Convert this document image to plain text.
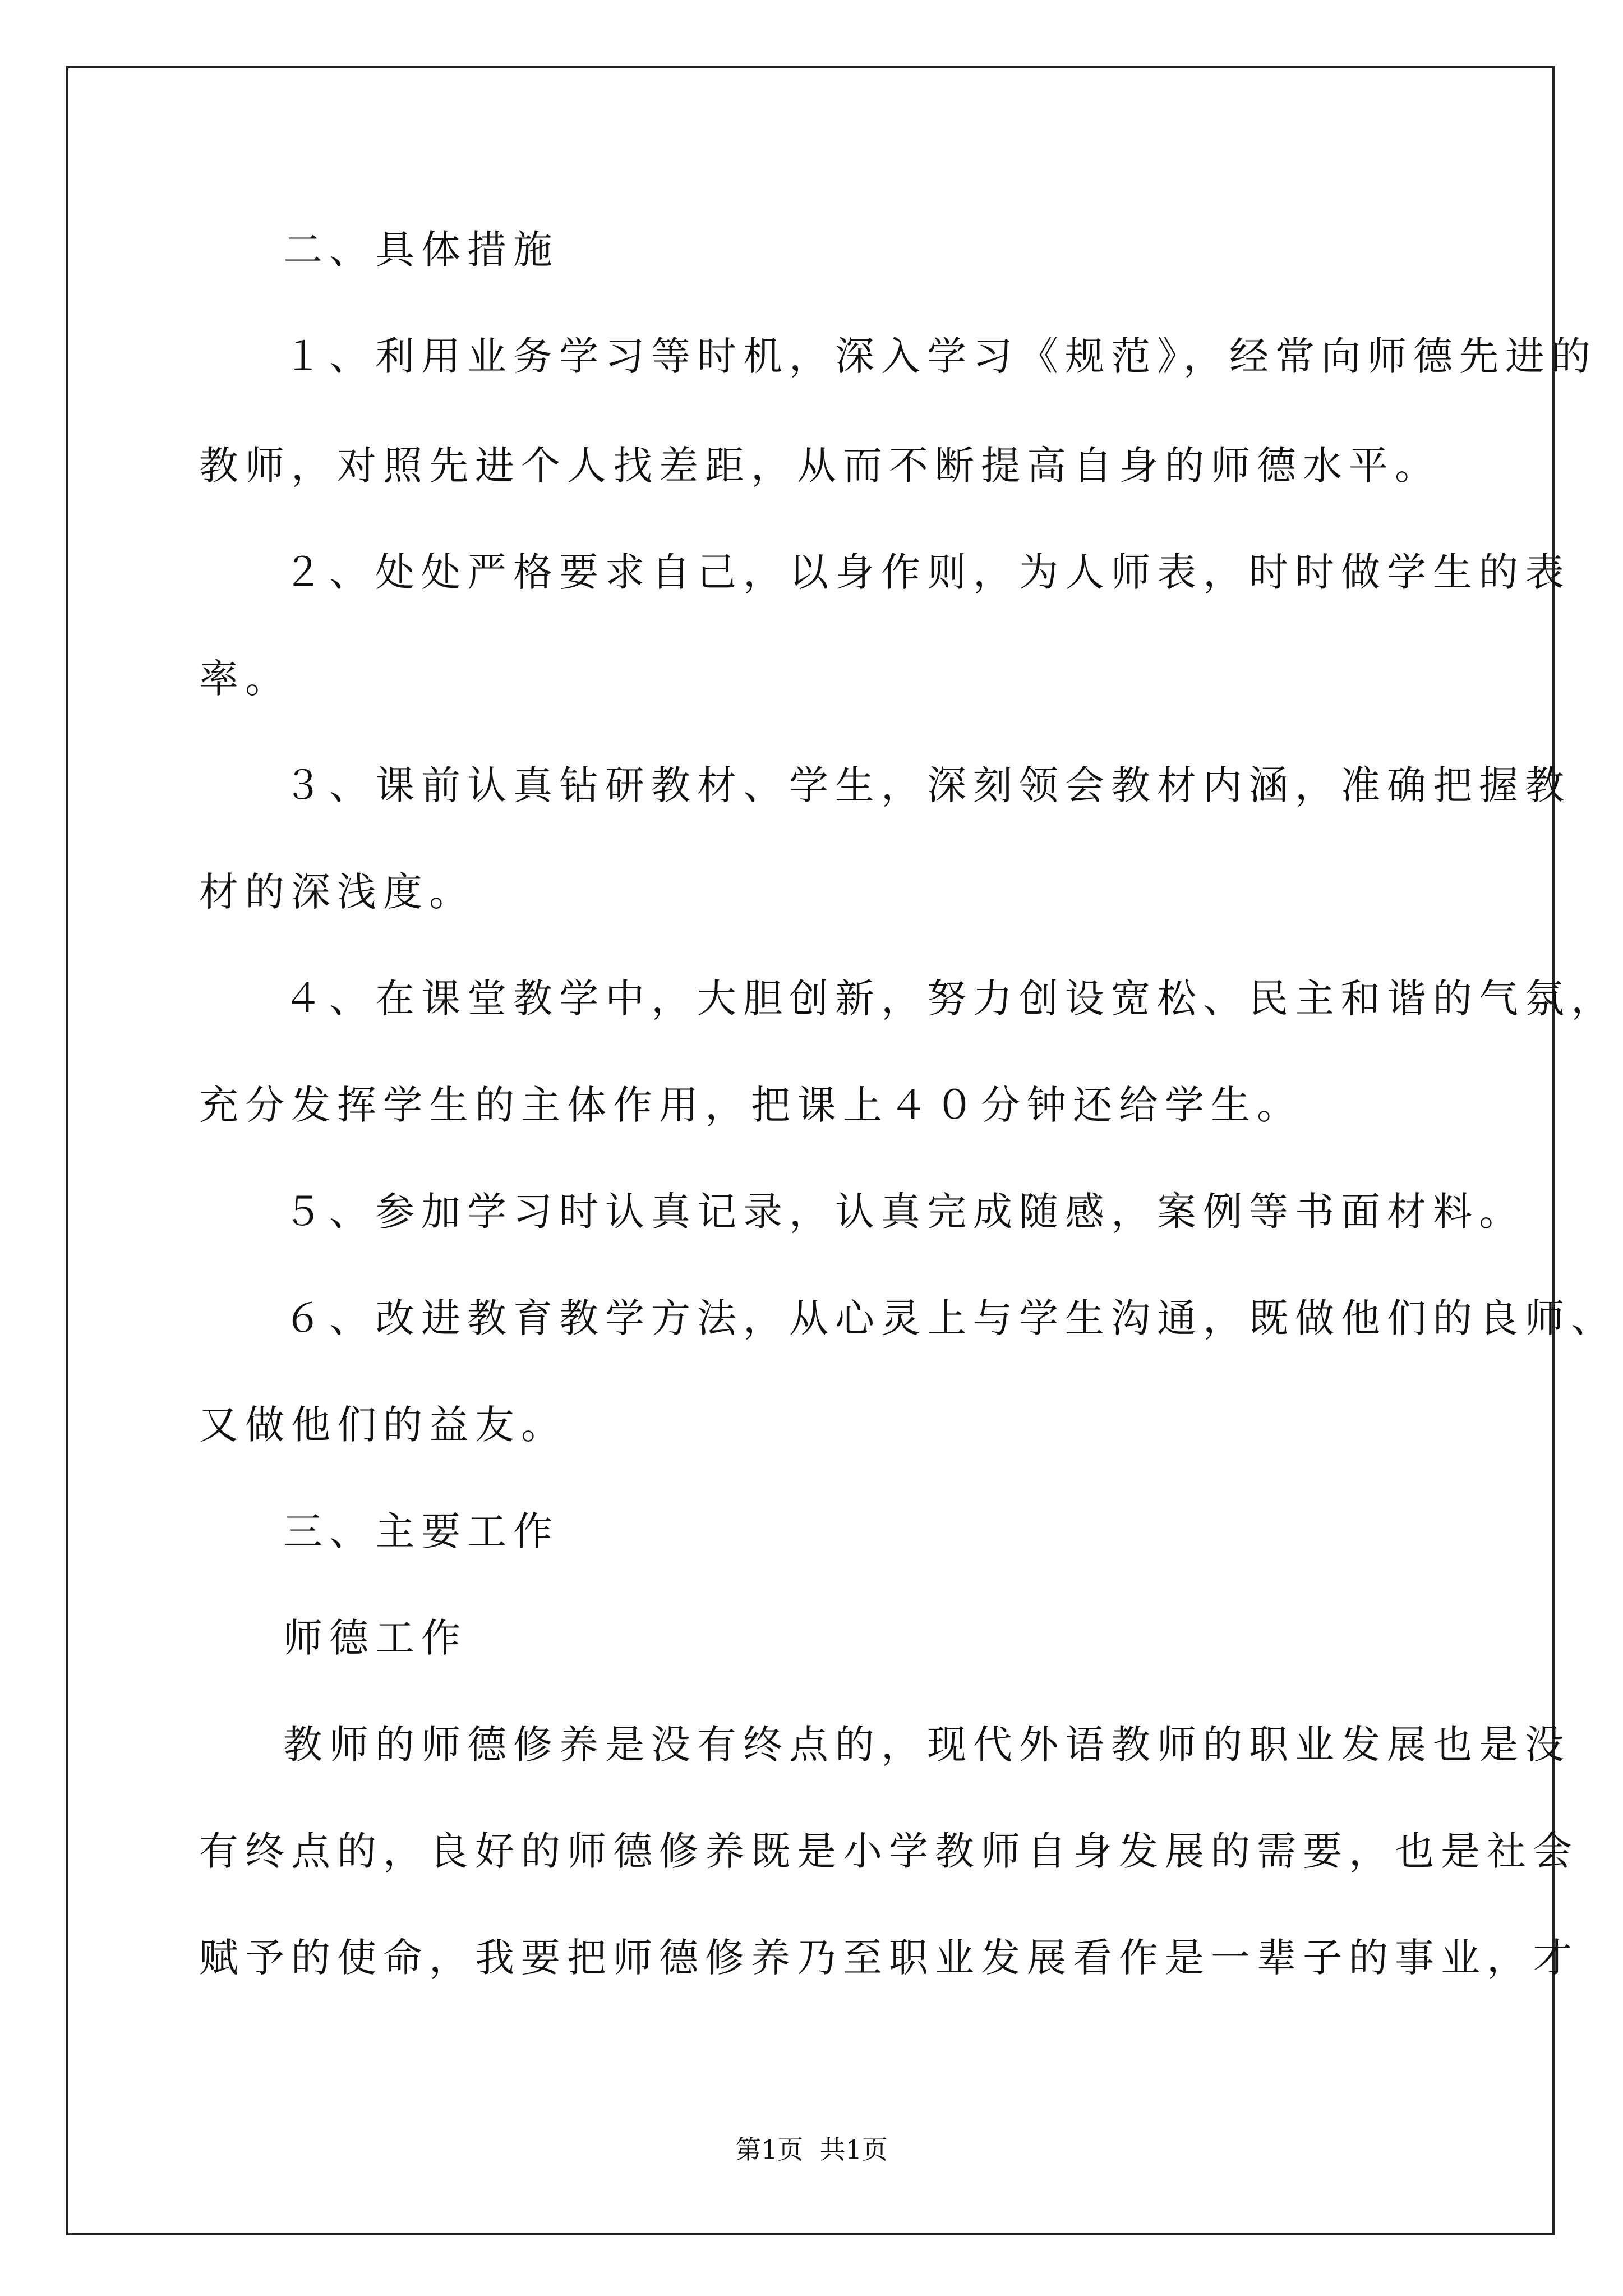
二、具体措施
１、利用业务学习等时机，深入学习《规范》，经常向师德先进的
教师，对照先进个人找差距，从而不断提高自身的师德水平。
２、处处严格要求自己，以身作则，为人师表，时时做学生的表
率。
３、课前认真钻研教材、学生，深刻领会教材内涵，准确把握教
材的深浅度。
４、在课堂教学中，大胆创新，努力创设宽松、民主和谐的气氛，
充分发挥学生的主体作用，把课上４０分钟还给学生。
５、参加学习时认真记录，认真完成随感，案例等书面材料。
６、改进教育教学方法，从心灵上与学生沟通，既做他们的良师、
又做他们的益友。
三、主要工作
师德工作
教师的师德修养是没有终点的，现代外语教师的职业发展也是没
有终点的，良好的师德修养既是小学教师自身发展的需要，也是社会
赋予的使命，我要把师德修养乃至职业发展看作是一辈子的事业，才
第1页  共1页
